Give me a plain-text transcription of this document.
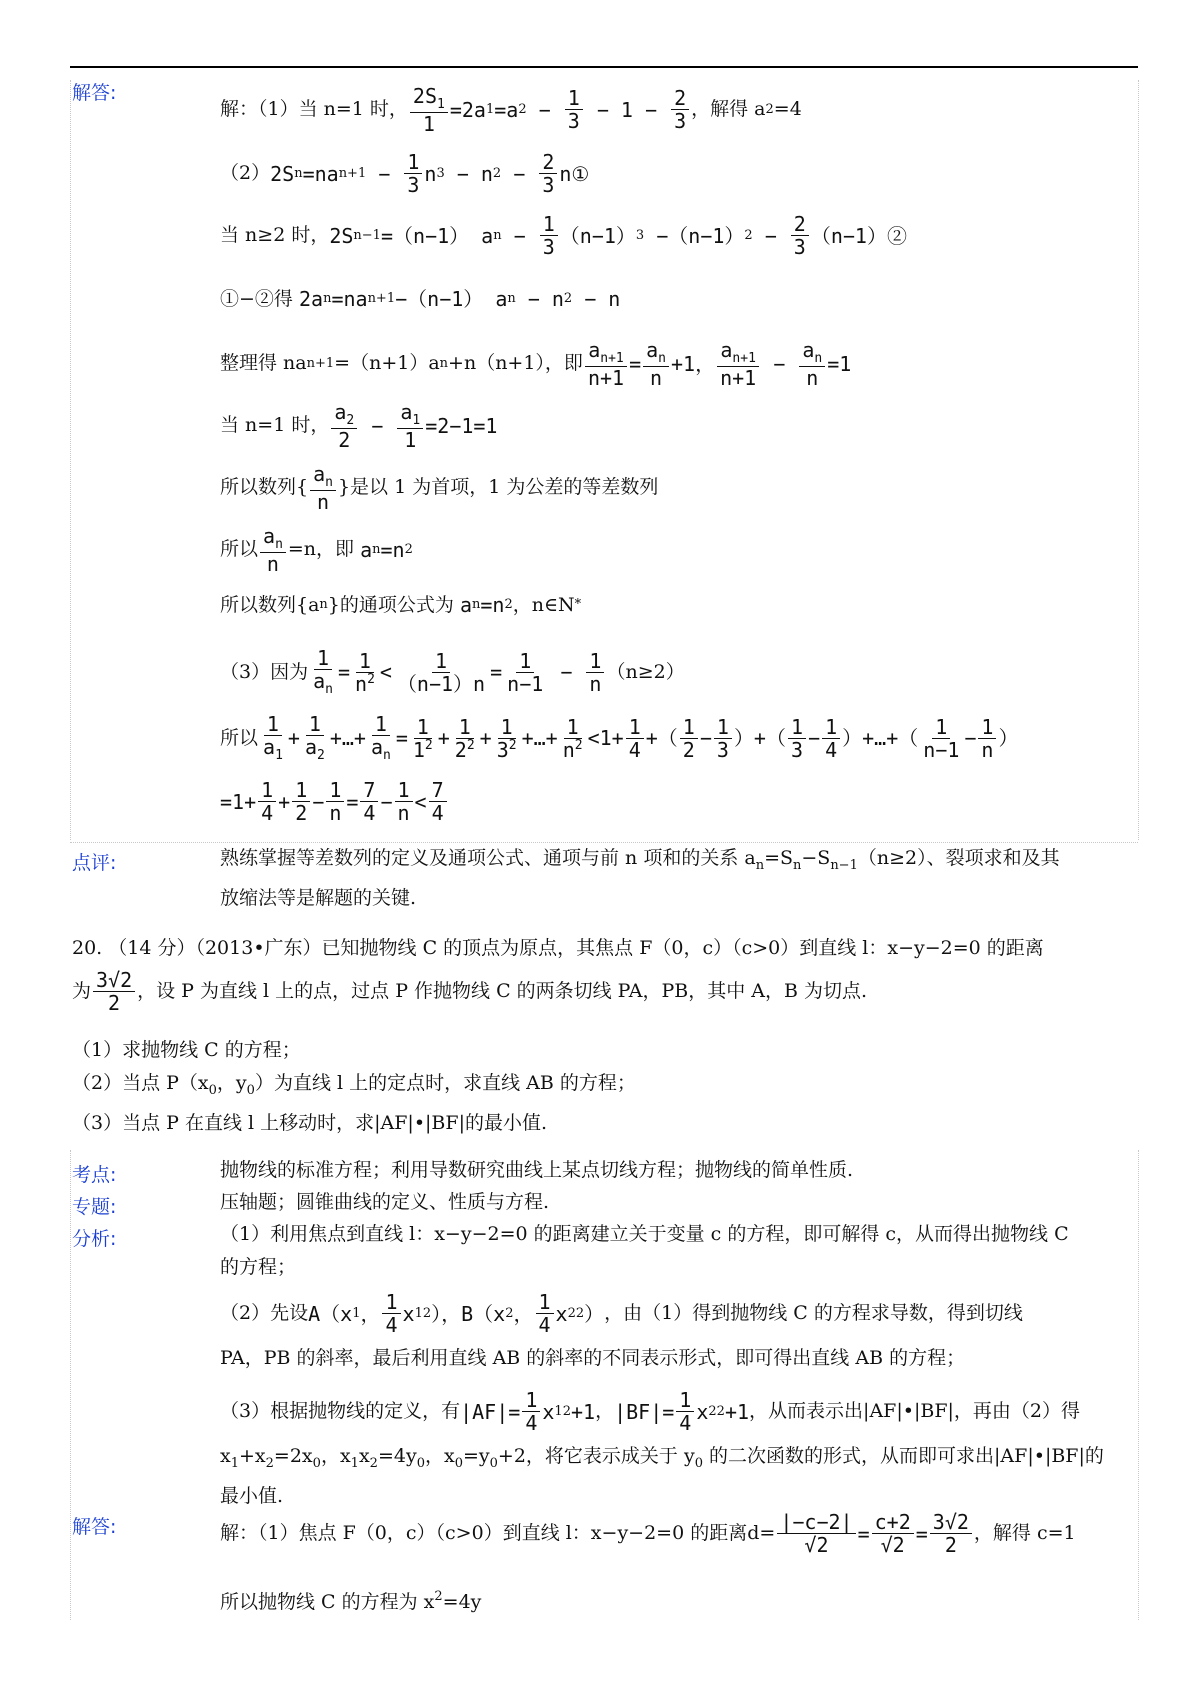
解答:
解：（1）当 n=1 时， $\frac{2S_1}{1} =2a$ 1 =a $2 - \frac{1}{3} - 1 - \frac{2}{3}$ ，解得 a 2 =4
（2） 2S n =na $n+1 - \frac{1}{3}$ n 3 − n $2 - \frac{2}{3}$ n①
当 n≥2 时， 2S n−1 =（n−1） a $n - \frac{1}{3} (n-1)$ 3 −（n−1） $2 - \frac{2}{3}$ （n−1）②
①−②得 2a n =na n+1 −（n−1） a n − n 2 − n
整理得 na n+1 =（n+1）a n +n（n+1），即 $\frac{a_{n+1}}{n+1} = \frac{a_n}{n} +1$， $\frac{a_{n+1}}{n+1} - \frac{a_n}{n} =1$
当 n=1 时， $\frac{a_2}{2} - \frac{a_1}{1} =2-1=1$
所以数列{ $\frac{a_n}{n}$ }是以 1 为首项，1 为公差的等差数列
所以 $\frac{a_n}{n} =n$，即 a n =n 2
所以数列{a n }的通项公式为 a n =n 2 ，n∈N *
（3）因为 $\frac{1}{a_n} = \frac{1}{n^2} < \frac{1}{(n-1)n} = \frac{1}{n-1} - \frac{1}{n} (n\ge 2)$
所以 $\frac{1}{a_1} + \frac{1}{a_2}$ +…+ $\frac{1}{a_n} = \frac{1}{1^2} + \frac{1}{2^2} + \frac{1}{3^2}$ +…+ $\frac{1}{n^2} <1+ \frac{1}{4}$ +（ $\frac{1}{2} - \frac{1}{3}$ ）+（ $\frac{1}{3} - \frac{1}{4}$ ）+…+（ $\frac{1}{n-1} - \frac{1}{n}$ ）
$=1+ \frac{1}{4} + \frac{1}{2} - \frac{1}{n} = \frac{7}{4} - \frac{1}{n} < \frac{7}{4}$
点评:	熟练掌握等差数列的定义及通项公式、通项与前 n 项和的关系 $a_n=S_n-S_{n-1}(n\ge 2)$、裂项求和及其
放缩法等是解题的关键.
20. （14 分）（2013•广东）已知抛物线 C 的顶点为原点，其焦点 F（0，c）（c>0）到直线 l：x−y−2=0 的距离
为 $\frac{3√2}{2}$ ，设 P 为直线 l 上的点，过点 P 作抛物线 C 的两条切线 PA，PB，其中 A，B 为切点.
（1）求抛物线 C 的方程；
（2）当点 $P(x_0$，$y_0$）为直线 l 上的定点时，求直线 AB 的方程；
（3）当点 P 在直线 l 上移动时，求|AF|•|BF|的最小值.
考点:	抛物线的标准方程；利用导数研究曲线上某点切线方程；抛物线的简单性质.
专题:	压轴题；圆锥曲线的定义、性质与方程.
分析:	（1）利用焦点到直线 l：x−y−2=0 的距离建立关于变量 c 的方程，即可解得 c，从而得出抛物线 C
的方程；
（2）先设 A（x 1 ， $\frac{1}{4}$ x 1 2 ），B（x 2 ， $\frac{1}{4}$ x 2 2 ） ，由（1）得到抛物线 C 的方程求导数，得到切线
PA，PB 的斜率，最后利用直线 AB 的斜率的不同表示形式，即可得出直线 AB 的方程；
（3）根据抛物线的定义，有 $|AF|= \frac{1}{4}$ x 1 2 +1 ， $|BF|= \frac{1}{4}$ x 2 2 +1 ，从而表示出|AF|•|BF|，再由（2）得
$x_1+x_2=2x_0$，$x_1x_2=4y_0$，$x_0=y_0+2$，将它表示成关于 $y_0$ 的二次函数的形式，从而即可求出|AF|•|BF|的
最小值.
解答:	解：（1）焦点 F（0，c）（c>0）到直线 l：x−y−2=0 的距离 $d= \frac{|-c-2|}{√2} = \frac{c+2}{√2} = \frac{3√2}{2}$ ，解得 c=1
所以抛物线 C 的方程为 $x^2=4y$
